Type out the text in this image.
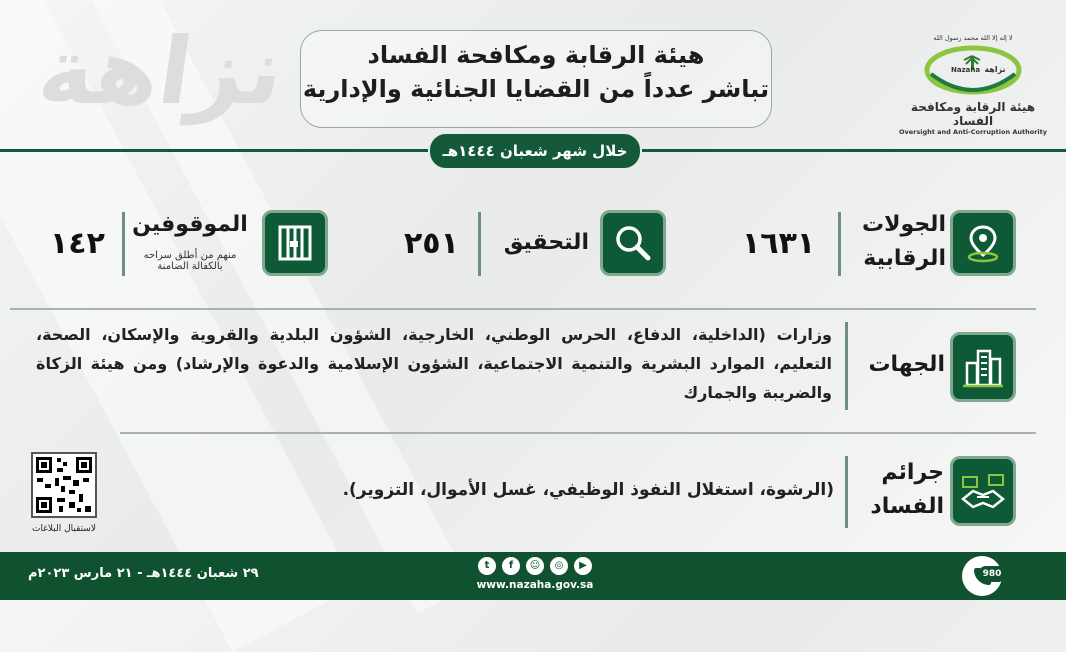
نزاهة	هيئة الرقابة ومكافحة الفساد
تباشر عدداً من القضايا الجنائية والإدارية
لا إله إلا الله محمد رسول الله
Nazaha نزاهة
هيئة الرقابة ومكافحة الفساد
Oversight and Anti-Corruption Authority
خلال شهر شعبان ١٤٤٤هـ
الجولات
الرقابية
١٦٣١
التحقيق
٢٥١
الموقوفين
منهم من أطلق سراحه
بالكفالة الضامنة
١٤٢
الجهات
وزارات (الداخلية، الدفاع، الحرس الوطني، الخارجية، الشؤون البلدية والقروية والإسكان، الصحة، التعليم، الموارد البشرية والتنمية الاجتماعية، الشؤون الإسلامية والدعوة والإرشاد) ومن هيئة الزكاة والضريبة والجمارك
جرائم
الفساد
(الرشوة، استغلال النفوذ الوظيفي، غسل الأموال، التزوير).
لاستقبال البلاغات
٢٩ شعبان ١٤٤٤هـ - ٢١ مارس ٢٠٢٣م
t	f	☺	◎	▶
www.nazaha.gov.sa
980
